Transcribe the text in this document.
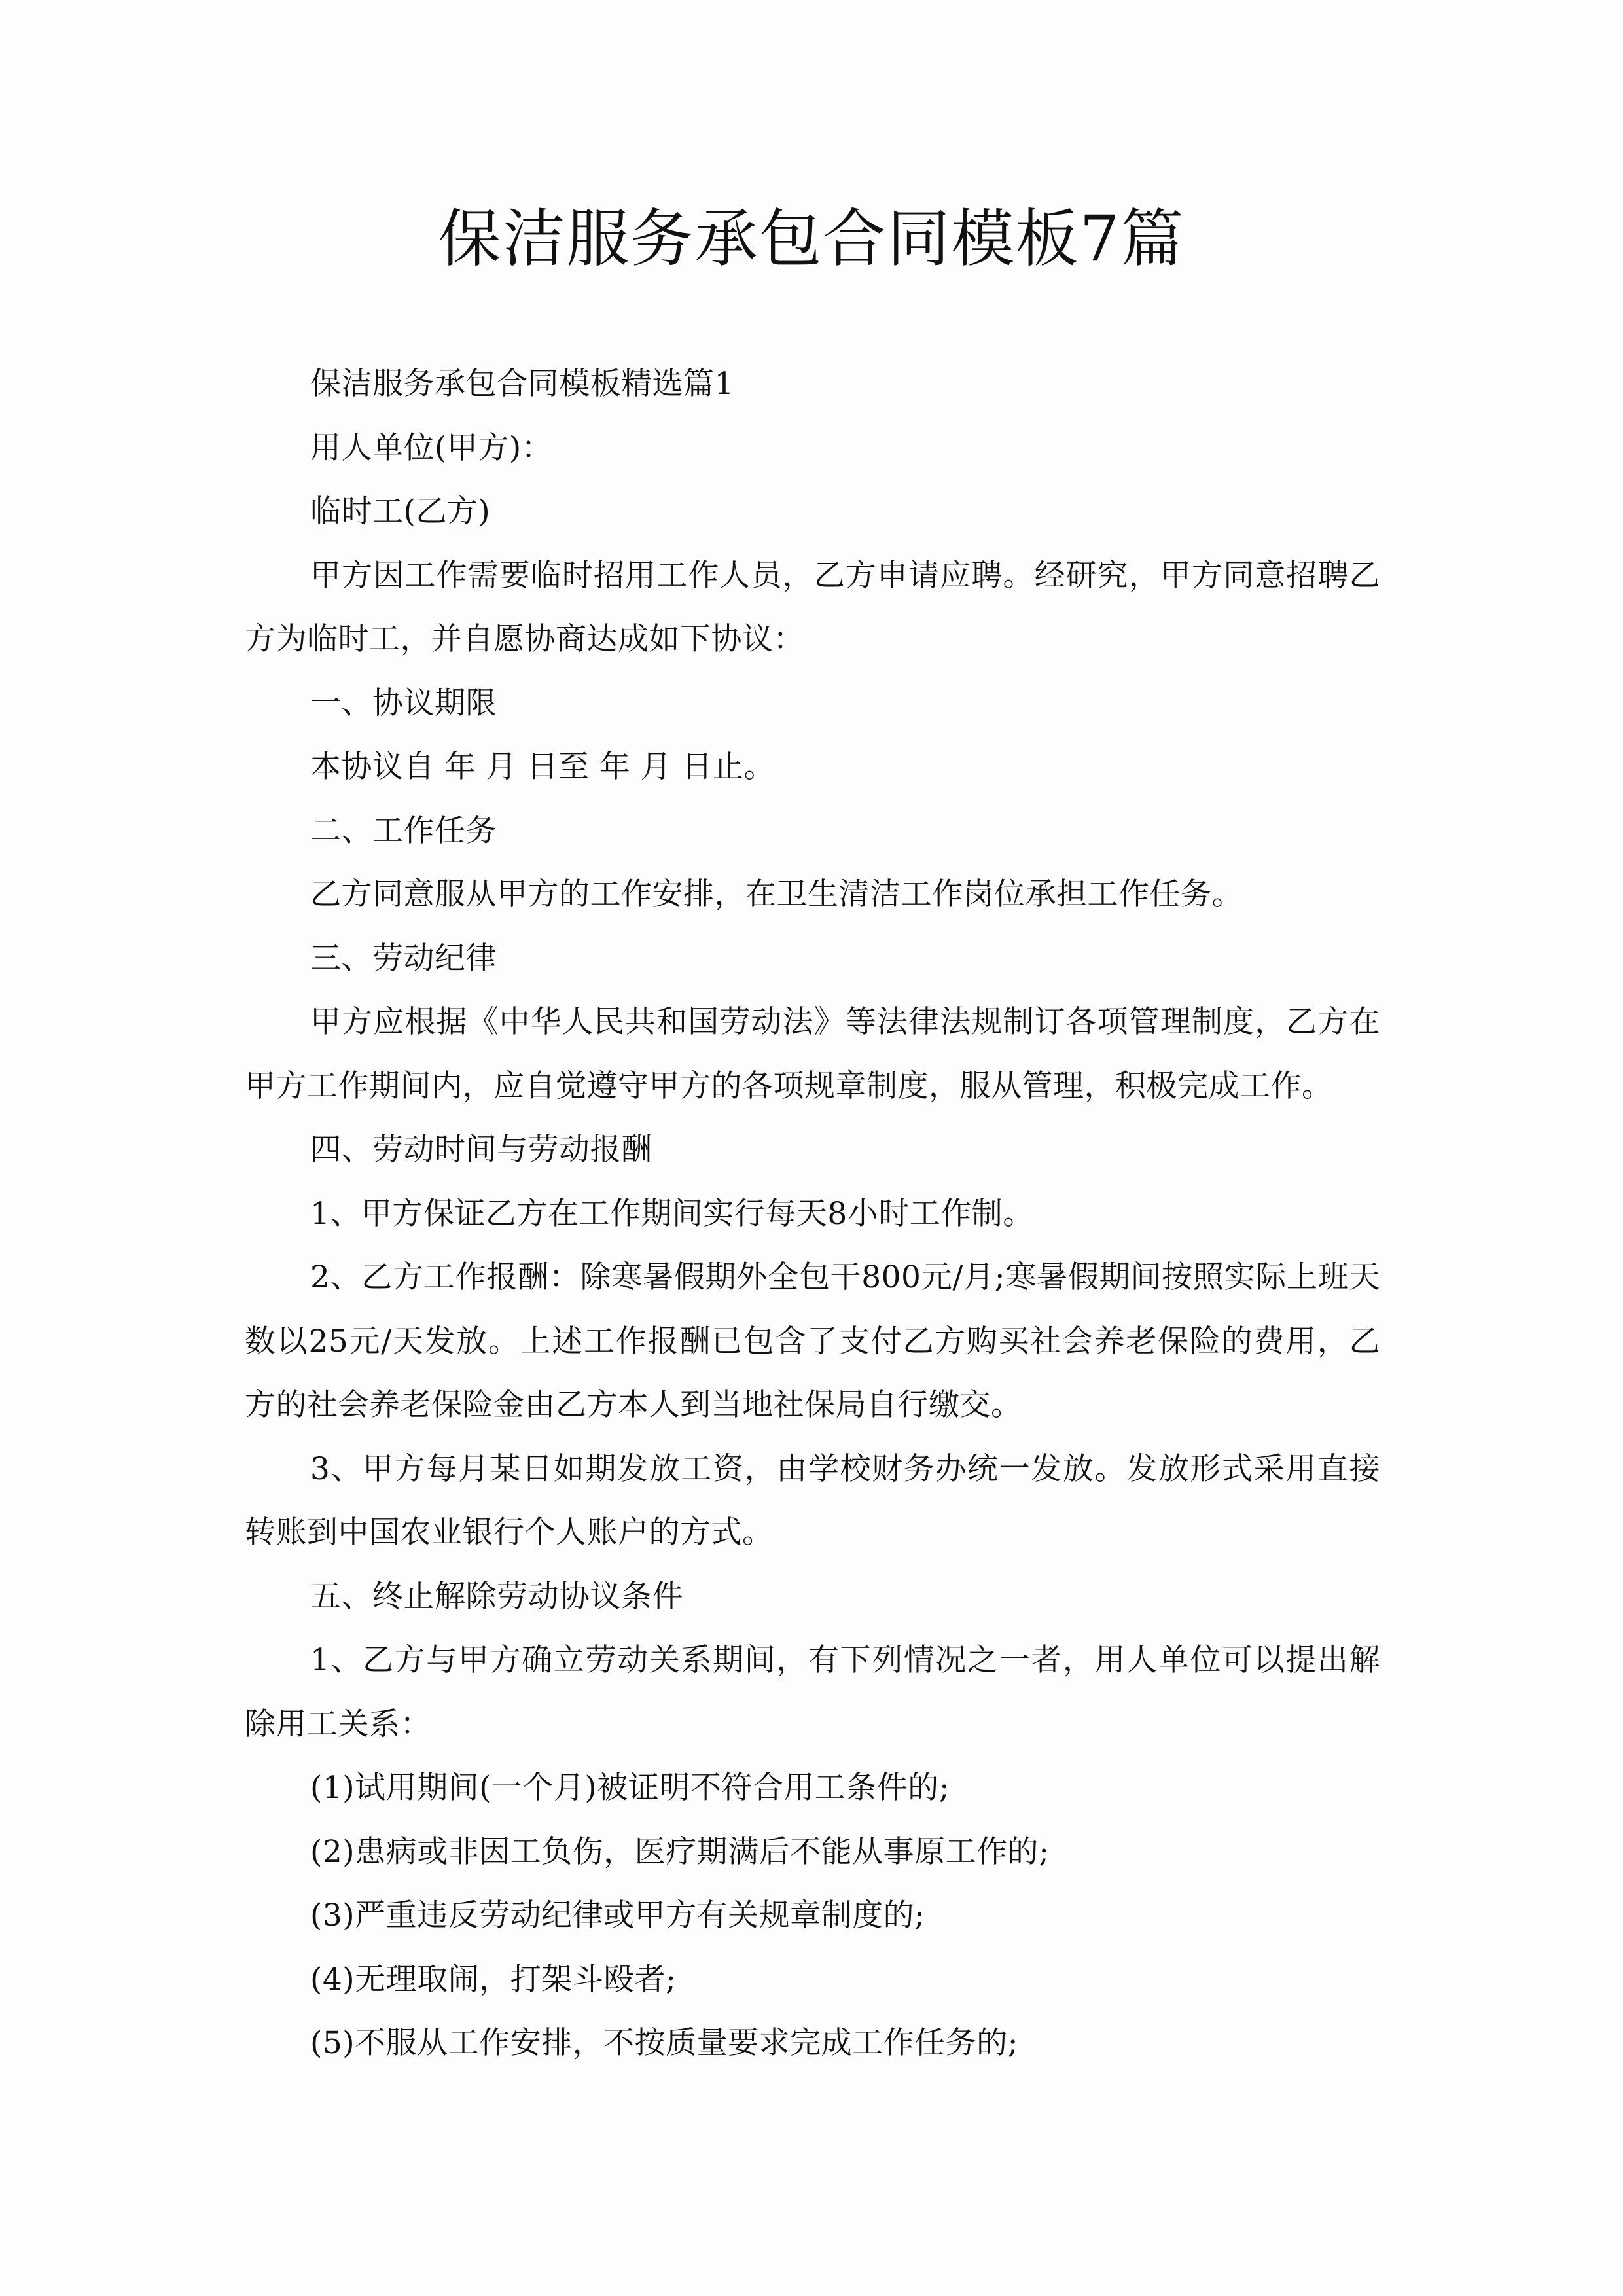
保洁服务承包合同模板7篇

保洁服务承包合同模板精选篇1

用人单位(甲方)：

临时工(乙方)

甲方因工作需要临时招用工作人员，乙方申请应聘。经研究，甲方同意招聘乙方为临时工，并自愿协商达成如下协议：

一、协议期限

本协议自 年 月 日至 年 月 日止。

二、工作任务

乙方同意服从甲方的工作安排，在卫生清洁工作岗位承担工作任务。

三、劳动纪律

甲方应根据《中华人民共和国劳动法》等法律法规制订各项管理制度，乙方在甲方工作期间内，应自觉遵守甲方的各项规章制度，服从管理，积极完成工作。

四、劳动时间与劳动报酬

1、甲方保证乙方在工作期间实行每天8小时工作制。

2、乙方工作报酬：除寒暑假期外全包干800元/月;寒暑假期间按照实际上班天数以25元/天发放。上述工作报酬已包含了支付乙方购买社会养老保险的费用，乙方的社会养老保险金由乙方本人到当地社保局自行缴交。

3、甲方每月某日如期发放工资，由学校财务办统一发放。发放形式采用直接转账到中国农业银行个人账户的方式。

五、终止解除劳动协议条件

1、乙方与甲方确立劳动关系期间，有下列情况之一者，用人单位可以提出解除用工关系：

(1)试用期间(一个月)被证明不符合用工条件的;

(2)患病或非因工负伤，医疗期满后不能从事原工作的;

(3)严重违反劳动纪律或甲方有关规章制度的;

(4)无理取闹，打架斗殴者;

(5)不服从工作安排，不按质量要求完成工作任务的;
